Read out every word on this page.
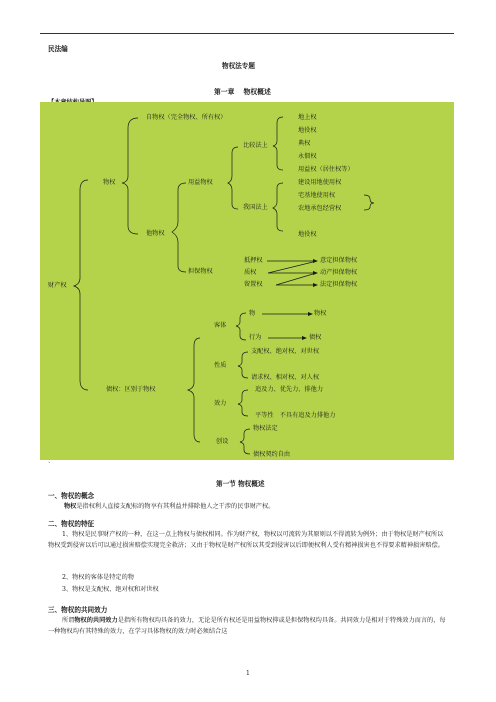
民法编
物权法专题
第一章　 物权概述
财产权
物权
自物权（完全物权、所有权）
他物权
用益物权
比较法上
我国法上
地上权
地役权
典权
永佃权
用益权（居住权等）
建设用地使用权
宅基地使用权
农地承包经营权
地役权
担保物权
抵押权
质权
留置权
意定担保物权
动产担保物权
法定担保物权
债权：区别于物权
客体
物	物权
行为	债权
性质
支配权、绝对权、对世权
请求权、相对权、对人权
效力
追及力、优先力、排他力
平等性　不具有追及力排他力
创设
物权法定
债权契约自由
`
第一节 物权概述
一、物权的概念
物权是指权利人直接支配标的物享有其利益并排除他人之干涉的民事财产权。
二、物权的特征
1、物权是民事财产权的一种，在这一点上物权与债权相同。作为财产权，物权以可流转为其原则以不得流转为例外；由于物权是财产权所以物权受到侵害以后可以通过损害赔偿实现完全救济；又由于物权是财产权所以其受到侵害以后即便权利人受有精神损害也不得要求精神损害赔偿。
2、物权的客体是特定的物
3、物权是支配权、绝对权和对世权
三、物权的共同效力
所谓物权的共同效力是指所有物权均具备的效力，无论是所有权还是用益物权抑或是担保物权均具备。共同效力是相对于特殊效力而言的，每一种物权均有其特殊的效力，在学习具体物权的效力时必须结合这
1
